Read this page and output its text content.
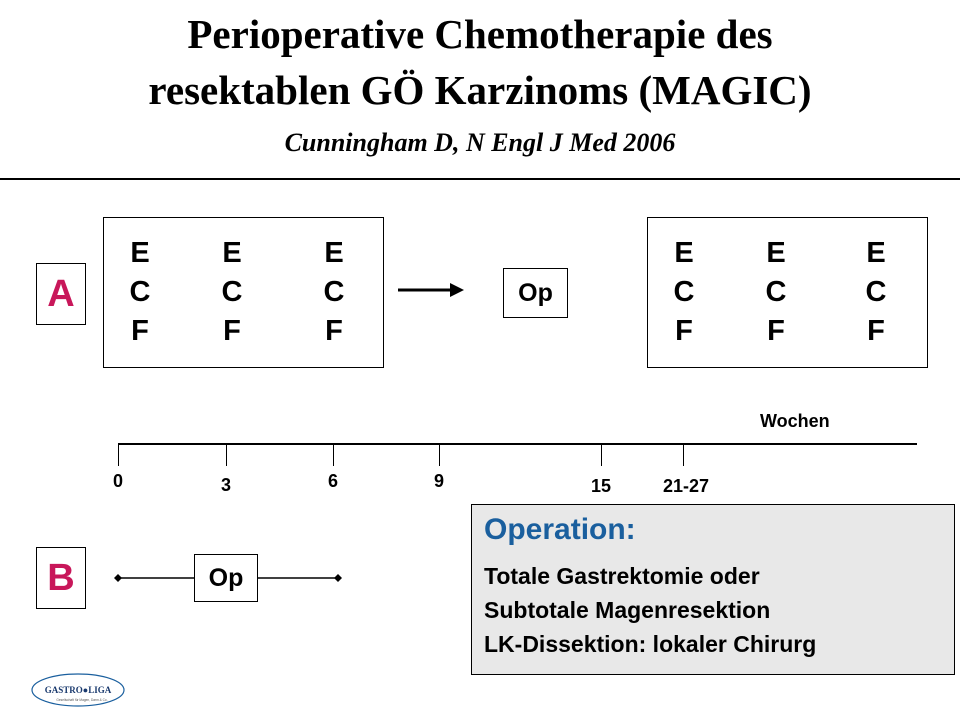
Perioperative Chemotherapie des
resektablen GÖ Karzinoms (MAGIC)
Cunningham D, N Engl J Med 2006
A
E
C
F
E
C
F
E
C
F
Op
E
C
F
E
C
F
E
C
F
Wochen
0	3	6	9	15	21-27
B	Op
Operation:
Totale Gastrektomie oder
Subtotale Magenresektion
LK-Dissektion: lokaler Chirurg
GASTRO●LIGA
Gesellschaft für Magen, Darm & Co.
